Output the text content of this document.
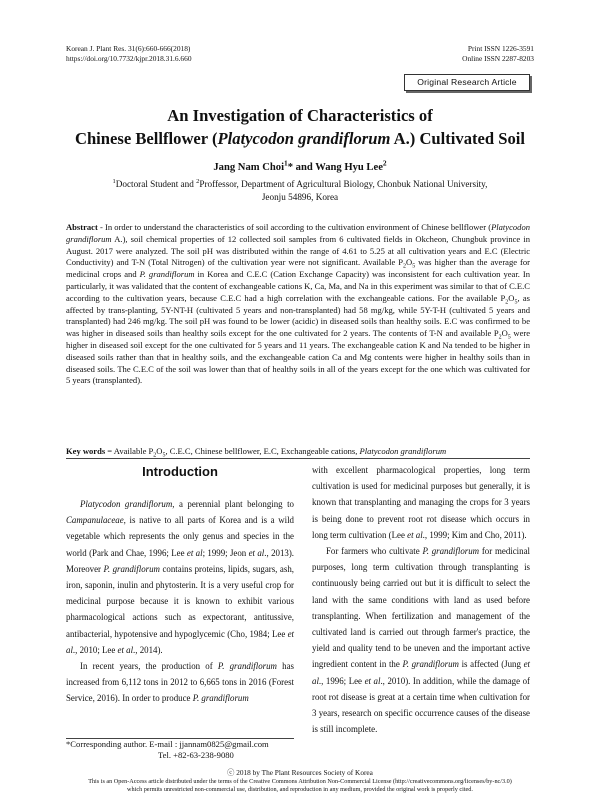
Korean J. Plant Res. 31(6):660-666(2018)
https://doi.org/10.7732/kjpr.2018.31.6.660
Print ISSN 1226-3591
Online ISSN 2287-8203
Original Research Article
An Investigation of Characteristics of
Chinese Bellflower (Platycodon grandiflorum A.) Cultivated Soil
Jang Nam Choi$^1$* and Wang Hyu Lee$^2$
$^1$Doctoral Student and $^2$Proffessor, Department of Agricultural Biology, Chonbuk National University,
Jeonju 54896, Korea
Abstract - In order to understand the characteristics of soil according to the cultivation environment of Chinese bellflower (Platycodon grandiflorum A.), soil chemical properties of 12 collected soil samples from 6 cultivated fields in Okcheon, Chungbuk province in August. 2017 were analyzed. The soil pH was distributed within the range of 4.61 to 5.25 at all cultivation years and E.C (Electric Conductivity) and T-N (Total Nitrogen) of the cultivation year were not significant. Available $P_2O_5$ was higher than the average for medicinal crops and P. grandiflorum in Korea and C.E.C (Cation Exchange Capacity) was inconsistent for each cultivation year. In particularly, it was validated that the content of exchangeable cations K, Ca, Ma, and Na in this experiment was similar to that of C.E.C according to the cultivation years, because C.E.C had a high correlation with the exchangeable cations. For the available $P_2O_5$, as affected by trans-planting, 5Y-NT-H (cultivated 5 years and non-transplanted) had 58 mg/kg, while 5Y-T-H (cultivated 5 years and transplanted) had 246 mg/kg. The soil pH was found to be lower (acidic) in diseased soils than healthy soils. E.C was confirmed to be was higher in diseased soils than healthy soils except for the one cultivated for 2 years. The contents of T-N and available $P_2O_5$ were higher in diseased soil except for the one cultivated for 5 years and 11 years. The exchangeable cation K and Na tended to be higher in diseased soils rather than that in healthy soils, and the exchangeable cation Ca and Mg contents were higher in healthy soils than in diseased soils. The C.E.C of the soil was lower than that of healthy soils in all of the years except for the one which was cultivated for 5 years (transplanted).
Key words = Available $P_2O_5$, C.E.C, Chinese bellflower, E.C, Exchangeable cations, Platycodon grandiflorum
Introduction

Platycodon grandiflorum, a perennial plant belonging to Campanulaceae, is native to all parts of Korea and is a wild vegetable which represents the only genus and species in the world (Park and Chae, 1996; Lee et al; 1999; Jeon et al., 2013). Moreover P. grandiflorum contains proteins, lipids, sugars, ash, iron, saponin, inulin and phytosterin. It is a very useful crop for medicinal purpose because it is known to exhibit various pharmacological actions such as expectorant, antitussive, antibacterial, hypotensive and hypoglycemic (Cho, 1984; Lee et al., 2010; Lee et al., 2014).

In recent years, the production of P. grandiflorum has increased from 6,112 tons in 2012 to 6,665 tons in 2016 (Forest Service, 2016). In order to produce P. grandiflorum

with excellent pharmacological properties, long term cultivation is used for medicinal purposes but generally, it is known that transplanting and managing the crops for 3 years is being done to prevent root rot disease which occurs in long term cultivation (Lee et al., 1999; Kim and Cho, 2011).

For farmers who cultivate P. grandiflorum for medicinal purposes, long term cultivation through transplanting is continuously being carried out but it is difficult to select the land with the same conditions with land as used before transplanting. When fertilization and management of the cultivated land is carried out through farmer's practice, the yield and quality tend to be uneven and the important active ingredient content in the P. grandiflorum is affected (Jung et al., 1996; Lee et al., 2010). In addition, while the damage of root rot disease is great at a certain time when cultivation for 3 years, research on specific occurrence causes of the disease is still incomplete.

*Corresponding author. E-mail : jjannam0825@gmail.com
Tel. +82-63-238-9080
ⓒ 2018 by The Plant Resources Society of Korea
This is an Open-Access article distributed under the terms of the Creative Commons Attribution Non-Commercial License (http://creativecommons.org/licenses/by-nc/3.0)
which permits unrestricted non-commercial use, distribution, and reproduction in any medium, provided the original work is properly cited.
